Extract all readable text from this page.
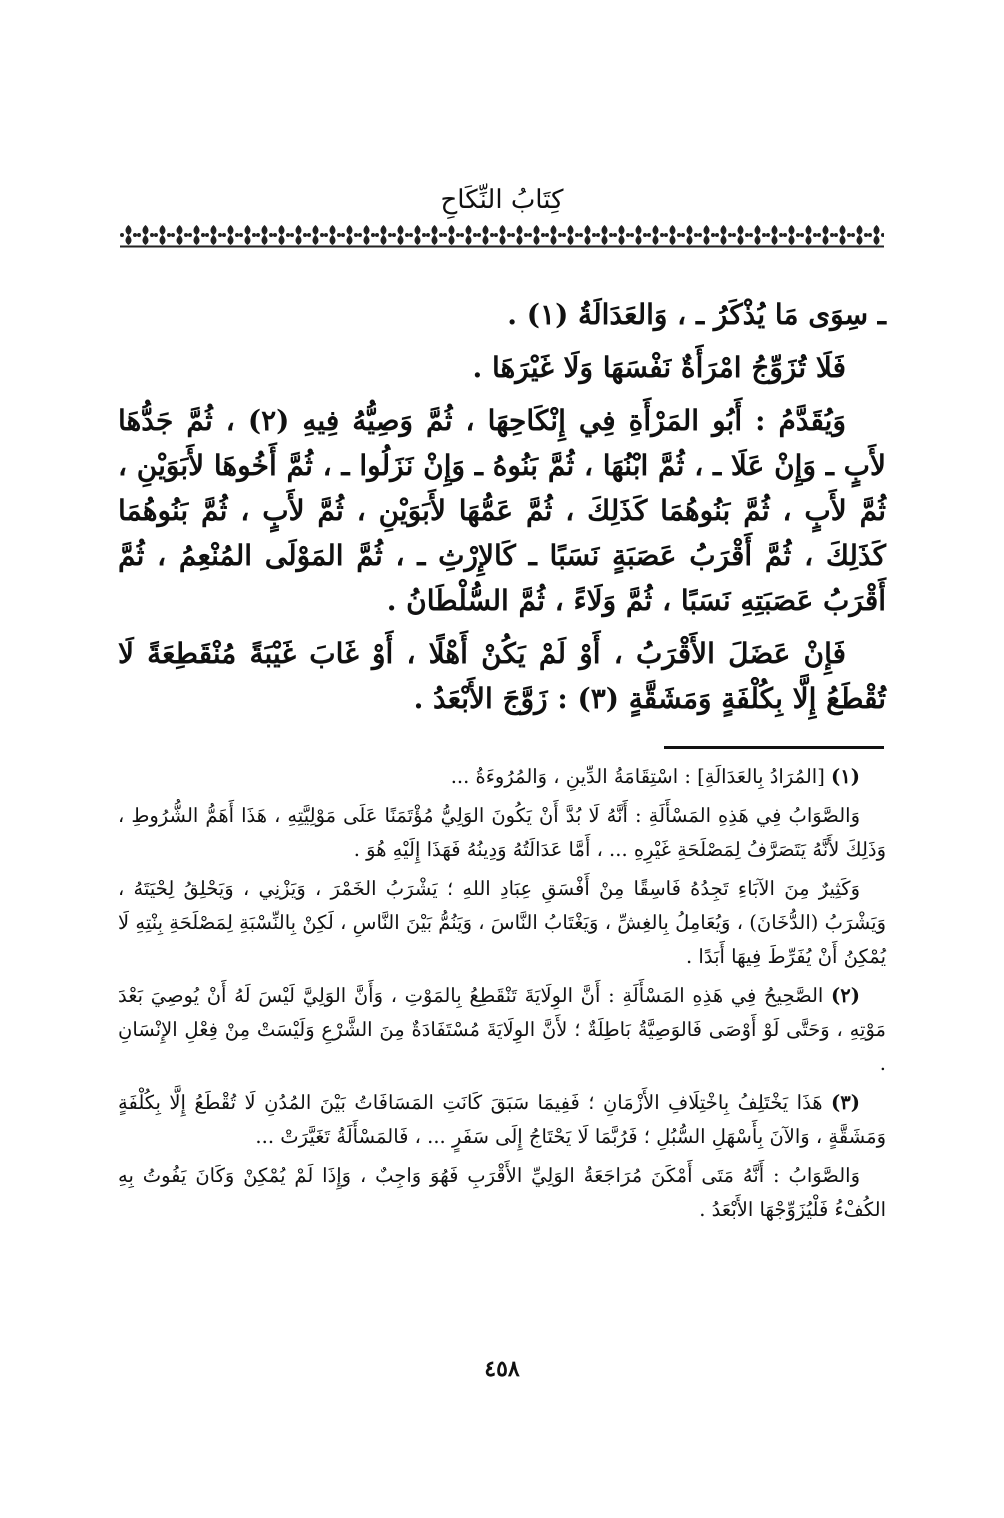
كِتَابُ النِّكَاحِ

ـ سِوَى مَا يُذْكَرُ ـ ، وَالعَدَالَةُ (١) .

فَلَا تُزَوِّجُ امْرَأَةٌ نَفْسَهَا وَلَا غَيْرَهَا .

وَيُقَدَّمُ : أَبُو المَرْأَةِ فِي إِنْكَاحِهَا ، ثُمَّ وَصِيُّهُ فِيهِ (٢) ، ثُمَّ جَدُّهَا لأَبٍ ـ وَإِنْ عَلَا ـ ، ثُمَّ ابْنُهَا ، ثُمَّ بَنُوهُ ـ وَإِنْ نَزَلُوا ـ ، ثُمَّ أَخُوهَا لأَبَوَيْنِ ، ثُمَّ لأَبٍ ، ثُمَّ بَنُوهُمَا كَذَلِكَ ، ثُمَّ عَمُّهَا لأَبَوَيْنِ ، ثُمَّ لأَبٍ ، ثُمَّ بَنُوهُمَا كَذَلِكَ ، ثُمَّ أَقْرَبُ عَصَبَةٍ نَسَبًا ـ كَالإِرْثِ ـ ، ثُمَّ المَوْلَى المُنْعِمُ ، ثُمَّ أَقْرَبُ عَصَبَتِهِ نَسَبًا ، ثُمَّ وَلَاءً ، ثُمَّ السُّلْطَانُ .

فَإِنْ عَضَلَ الأَقْرَبُ ، أَوْ لَمْ يَكُنْ أَهْلًا ، أَوْ غَابَ غَيْبَةً مُنْقَطِعَةً لَا تُقْطَعُ إِلَّا بِكُلْفَةٍ وَمَشَقَّةٍ (٣) : زَوَّجَ الأَبْعَدُ .

(١) [المُرَادُ بِالعَدَالَةِ] : اسْتِقَامَةُ الدِّينِ ، وَالمُرُوءَةُ ...

وَالصَّوَابُ فِي هَذِهِ المَسْأَلَةِ : أَنَّهُ لَا بُدَّ أَنْ يَكُونَ الوَلِيُّ مُؤْتَمَنًا عَلَى مَوْلِيَّتِهِ ، هَذَا أَهَمُّ الشُّرُوطِ ، وَذَلِكَ لأَنَّهُ يَتَصَرَّفُ لِمَصْلَحَةِ غَيْرِهِ ... ، أَمَّا عَدَالَتُهُ وَدِينُهُ فَهَذَا إِلَيْهِ هُوَ .

وَكَثِيرٌ مِنَ الآبَاءِ تَجِدُهُ فَاسِقًا مِنْ أَفْسَقِ عِبَادِ اللهِ ؛ يَشْرَبُ الخَمْرَ ، وَيَزْنِي ، وَيَحْلِقُ لِحْيَتَهُ ، وَيَشْرَبُ (الدُّخَانَ) ، وَيُعَامِلُ بِالغِشِّ ، وَيَغْتَابُ النَّاسَ ، وَيَنُمُّ بَيْنَ النَّاسِ ، لَكِنْ بِالنِّسْبَةِ لِمَصْلَحَةِ بِنْتِهِ لَا يُمْكِنُ أَنْ يُفَرِّطَ فِيهَا أَبَدًا .

(٢) الصَّحِيحُ فِي هَذِهِ المَسْأَلَةِ : أَنَّ الوِلَايَةَ تَنْقَطِعُ بِالمَوْتِ ، وَأَنَّ الوَلِيَّ لَيْسَ لَهُ أَنْ يُوصِيَ بَعْدَ مَوْتِهِ ، وَحَتَّى لَوْ أَوْصَى فَالوَصِيَّةُ بَاطِلَةٌ ؛ لأَنَّ الوِلَايَةَ مُسْتَفَادَةٌ مِنَ الشَّرْعِ وَلَيْسَتْ مِنْ فِعْلِ الإِنْسَانِ .

(٣) هَذَا يَخْتَلِفُ بِاخْتِلَافِ الأَزْمَانِ ؛ فَفِيمَا سَبَقَ كَانَتِ المَسَافَاتُ بَيْنَ المُدُنِ لَا تُقْطَعُ إِلَّا بِكُلْفَةٍ وَمَشَقَّةٍ ، وَالآنَ بِأَسْهَلِ السُّبُلِ ؛ فَرُبَّمَا لَا يَحْتَاجُ إِلَى سَفَرٍ ... ، فَالمَسْأَلَةُ تَغَيَّرَتْ ...

وَالصَّوَابُ : أَنَّهُ مَتَى أَمْكَنَ مُرَاجَعَةُ الوَلِيِّ الأَقْرَبِ فَهُوَ وَاجِبٌ ، وَإِذَا لَمْ يُمْكِنْ وَكَانَ يَفُوتُ بِهِ الكُفْءُ فَلْيُزَوِّجْهَا الأَبْعَدُ .

٤٥٨
